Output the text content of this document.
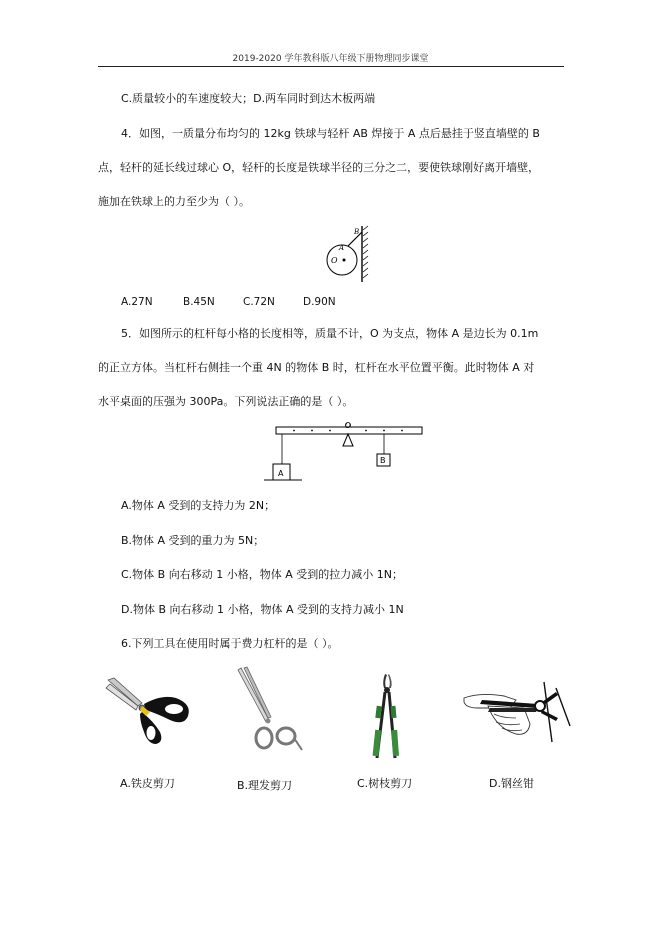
2019-2020 学年教科版八年级下册物理同步课堂
C.质量较小的车速度较大；D.两车同时到达木板两端
4．如图，一质量分布均匀的 12kg 铁球与轻杆 AB 焊接于 A 点后悬挂于竖直墙壁的 B
点，轻杆的延长线过球心 O，轻杆的长度是铁球半径的三分之二，要使铁球刚好离开墙壁，
施加在铁球上的力至少为（ ）。
A
B
O
A.27N	B.45N	C.72N	D.90N
5．如图所示的杠杆每小格的长度相等，质量不计，O 为支点，物体 A 是边长为 0.1m
的正立方体。当杠杆右侧挂一个重 4N 的物体 B 时，杠杆在水平位置平衡。此时物体 A 对
水平桌面的压强为 300Pa。下列说法正确的是（ ）。
O
A
B
A.物体 A 受到的支持力为 2N；
B.物体 A 受到的重力为 5N；
C.物体 B 向右移动 1 小格，物体 A 受到的拉力减小 1N；
D.物体 B 向右移动 1 小格，物体 A 受到的支持力减小 1N
6.下列工具在使用时属于费力杠杆的是（ ）。
A.铁皮剪刀	B.理发剪刀	C.树枝剪刀	D.钢丝钳
